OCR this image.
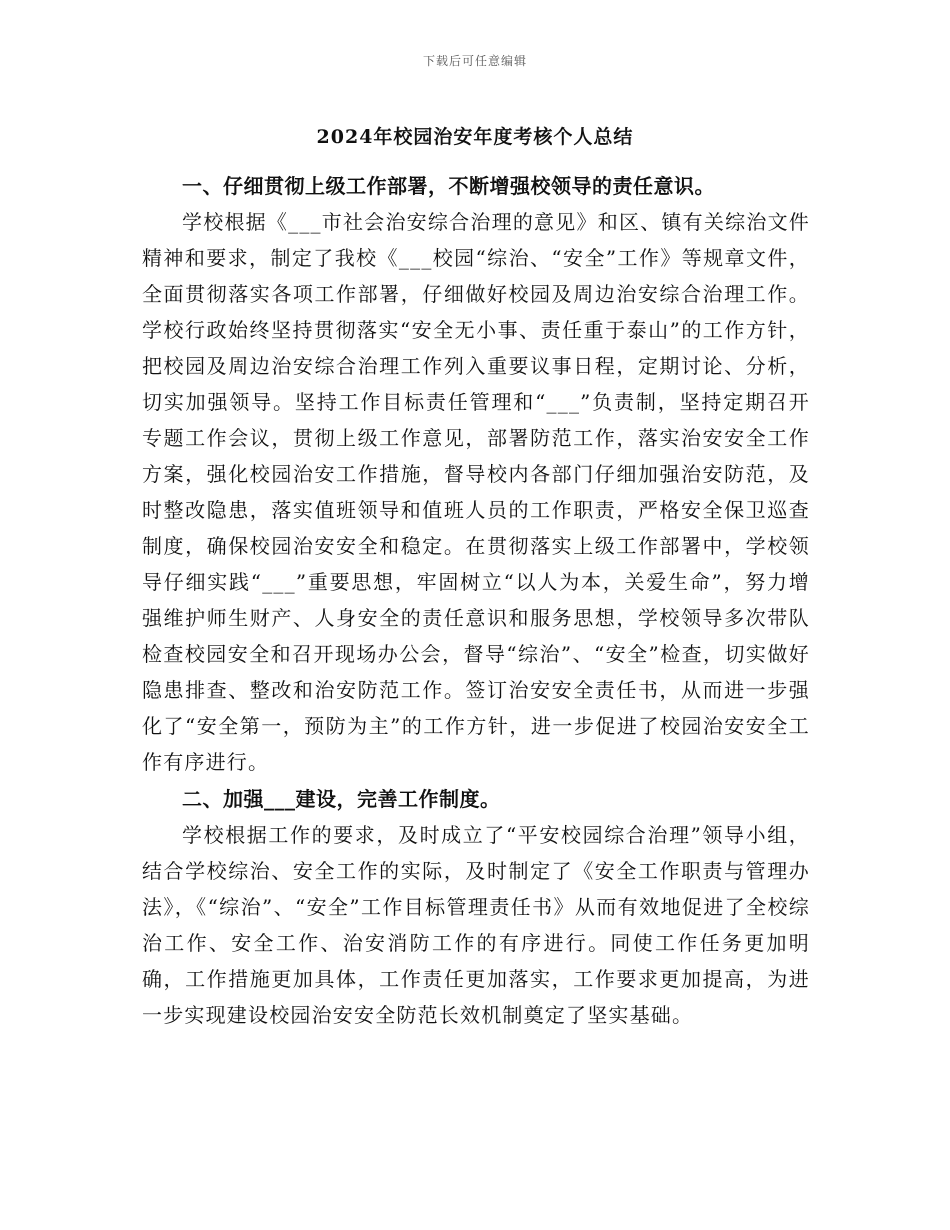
下载后可任意编辑
2024年校园治安年度考核个人总结

一、仔细贯彻上级工作部署，不断增强校领导的责任意识。

学校根据《___市社会治安综合治理的意见》和区、镇有关综治文件精神和要求，制定了我校《___校园“综治、“安全”工作》等规章文件，全面贯彻落实各项工作部署，仔细做好校园及周边治安综合治理工作。学校行政始终坚持贯彻落实“安全无小事、责任重于泰山”的工作方针，把校园及周边治安综合治理工作列入重要议事日程，定期讨论、分析，切实加强领导。坚持工作目标责任管理和“___”负责制，坚持定期召开专题工作会议，贯彻上级工作意见，部署防范工作，落实治安安全工作方案，强化校园治安工作措施，督导校内各部门仔细加强治安防范，及时整改隐患，落实值班领导和值班人员的工作职责，严格安全保卫巡查制度，确保校园治安安全和稳定。在贯彻落实上级工作部署中，学校领导仔细实践“___”重要思想，牢固树立“以人为本，关爱生命”，努力增强维护师生财产、人身安全的责任意识和服务思想，学校领导多次带队检查校园安全和召开现场办公会，督导“综治”、“安全”检查，切实做好隐患排查、整改和治安防范工作。签订治安安全责任书，从而进一步强化了“安全第一，预防为主”的工作方针，进一步促进了校园治安安全工作有序进行。

二、加强___建设，完善工作制度。

学校根据工作的要求，及时成立了“平安校园综合治理”领导小组，结合学校综治、安全工作的实际，及时制定了《安全工作职责与管理办法》，《“综治”、“安全”工作目标管理责任书》从而有效地促进了全校综治工作、安全工作、治安消防工作的有序进行。同使工作任务更加明确，工作措施更加具体，工作责任更加落实，工作要求更加提高，为进一步实现建设校园治安安全防范长效机制奠定了坚实基础。
